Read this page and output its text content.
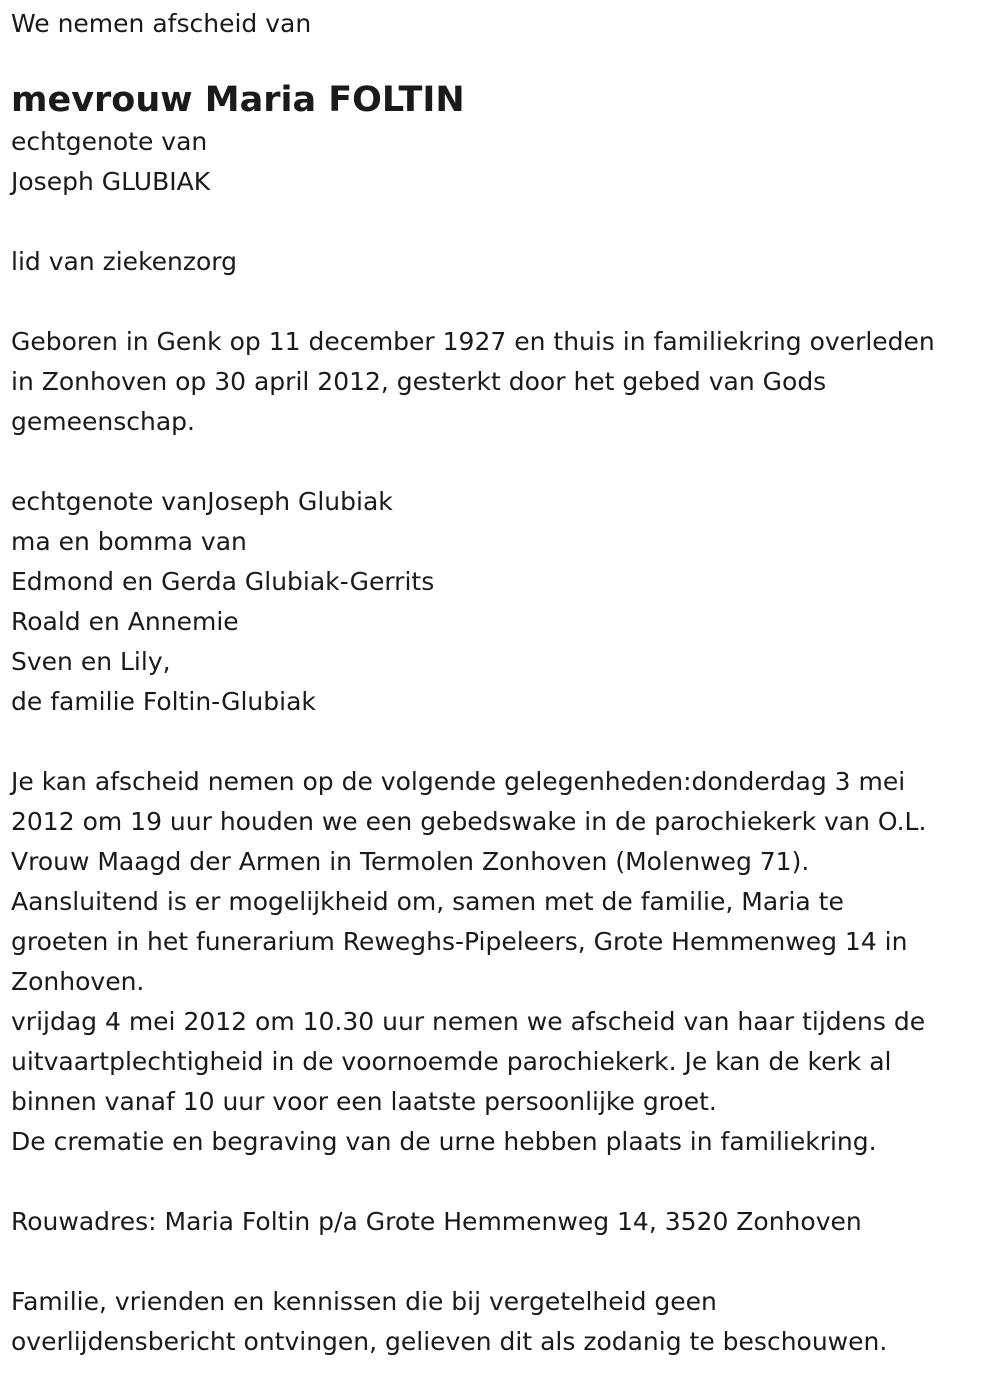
We nemen afscheid van

mevrouw Maria FOLTIN

echtgenote van

Joseph GLUBIAK

lid van ziekenzorg

Geboren in Genk op 11 december 1927 en thuis in familiekring overleden

in Zonhoven op 30 april 2012, gesterkt door het gebed van Gods

gemeenschap.

echtgenote vanJoseph Glubiak

ma en bomma van

Edmond en Gerda Glubiak-Gerrits

Roald en Annemie

Sven en Lily,

de familie Foltin-Glubiak

Je kan afscheid nemen op de volgende gelegenheden:donderdag 3 mei

2012 om 19 uur houden we een gebedswake in de parochiekerk van O.L.

Vrouw Maagd der Armen in Termolen Zonhoven (Molenweg 71).

Aansluitend is er mogelijkheid om, samen met de familie, Maria te

groeten in het funerarium Reweghs-Pipeleers, Grote Hemmenweg 14 in

Zonhoven.

vrijdag 4 mei 2012 om 10.30 uur nemen we afscheid van haar tijdens de

uitvaartplechtigheid in de voornoemde parochiekerk. Je kan de kerk al

binnen vanaf 10 uur voor een laatste persoonlijke groet.

De crematie en begraving van de urne hebben plaats in familiekring.

Rouwadres: Maria Foltin p/a Grote Hemmenweg 14, 3520 Zonhoven

Familie, vrienden en kennissen die bij vergetelheid geen

overlijdensbericht ontvingen, gelieven dit als zodanig te beschouwen.
